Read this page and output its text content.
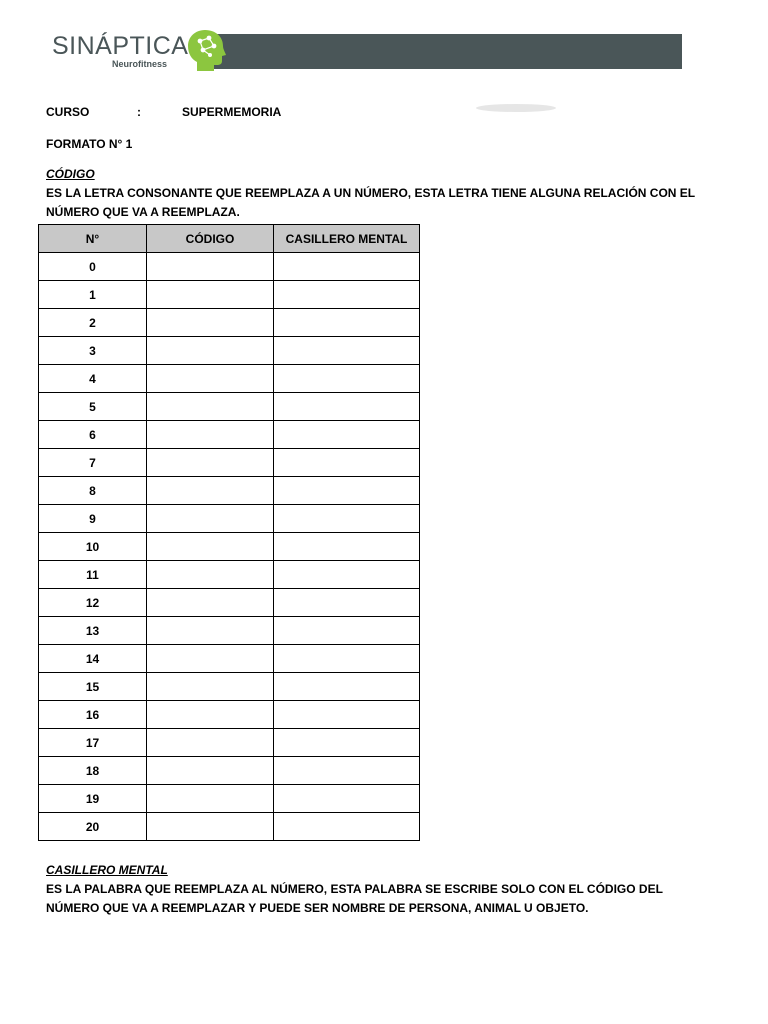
SINÁPTICA
Neurofitness
CURSO	:	SUPERMEMORIA
FORMATO N° 1
CÓDIGO
ES LA LETRA CONSONANTE QUE REEMPLAZA A UN NÚMERO, ESTA LETRA TIENE ALGUNA RELACIÓN CON EL
NÚMERO QUE VA A REEMPLAZA.
N°	CÓDIGO	CASILLERO MENTAL
0		
1		
2		
3		
4		
5		
6		
7		
8		
9		
10		
11		
12		
13		
14		
15		
16		
17		
18		
19		
20		
CASILLERO MENTAL
ES LA PALABRA QUE REEMPLAZA AL NÚMERO, ESTA PALABRA SE ESCRIBE SOLO CON EL CÓDIGO DEL
NÚMERO QUE VA A REEMPLAZAR Y PUEDE SER NOMBRE DE PERSONA, ANIMAL U OBJETO.
